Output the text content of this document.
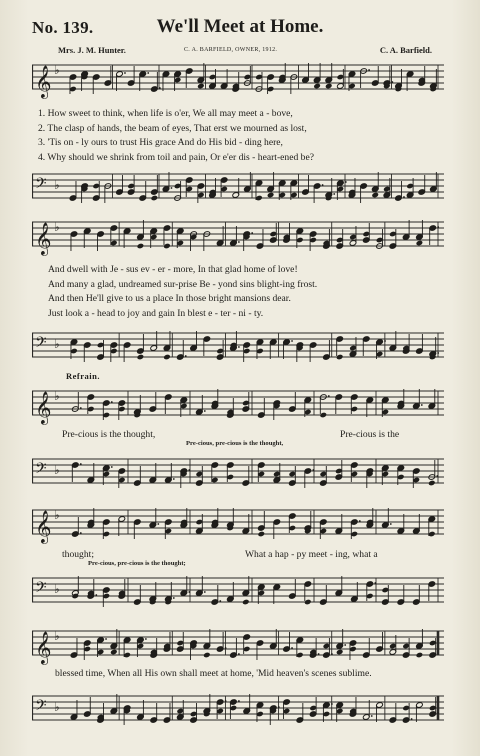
No. 139.	We'll Meet at Home.
Mrs. J. M. Hunter.	C. A. BARFIELD, OWNER, 1912.	C. A. Barfield.
𝄞 ♭
𝄢 ♭
𝄞 ♭
𝄢 ♭
𝄞 ♭
𝄢 ♭
𝄞 ♭
𝄢 ♭
𝄞 ♭
𝄢 ♭
1. How sweet to think, when life is o'er, We all may meet a - bove,
2. The clasp of hands, the beam of eyes, That erst we mourned as lost,
3. 'Tis on - ly ours to trust His grace And do His bid - ding here,
4. Why should we shrink from toil and pain, Or e'er dis - heart-ened be?
And dwell with Je - sus ev - er - more, In that glad home of love!
And many a glad, undreamed sur-prise Be - yond sins blight-ing frost.
And then He'll give to us a place In those bright mansions dear.
Just look a - head to joy and gain In blest e - ter - ni - ty.
Refrain.
Pre-cious is the thought,	Pre-cious is the
Pre-cious, pre-cious is the thought,
thought;	What a hap - py meet - ing, what a
Pre-cious, pre-cious is the thought;
blessed time, When all His own shall meet at home, 'Mid heaven's scenes sublime.
